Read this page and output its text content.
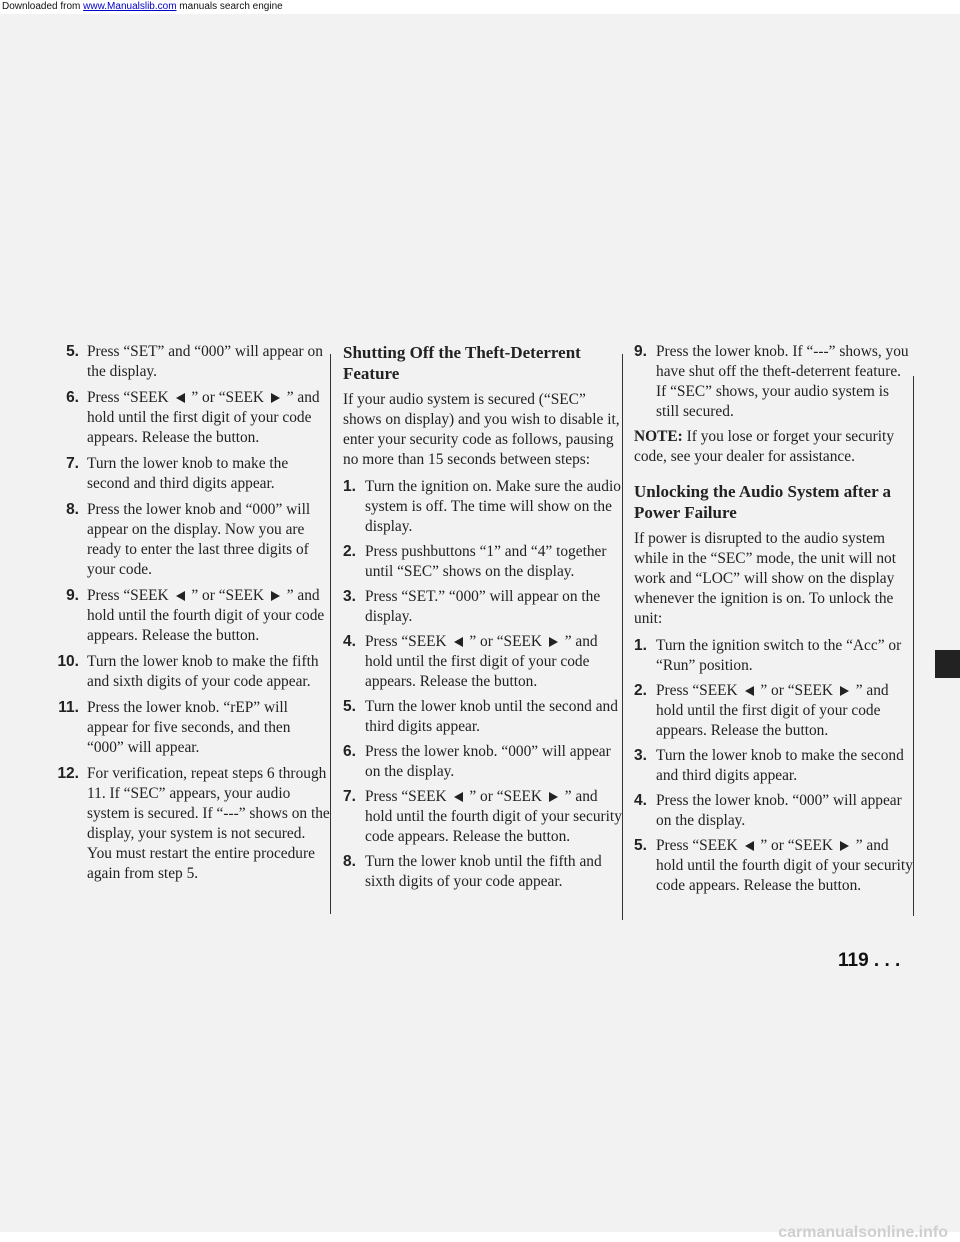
Downloaded from www.Manualslib.com manuals search engine
119 . . .
5. Press “SET” and “000” will appear on the display.
6. Press “SEEK  ” or “SEEK  ” and hold until the first digit of your code appears. Release the button.
7. Turn the lower knob to make the second and third digits appear.
8. Press the lower knob and “000” will appear on the display. Now you are ready to enter the last three digits of your code.
9. Press “SEEK  ” or “SEEK  ” and hold until the fourth digit of your code appears. Release the button.
10. Turn the lower knob to make the fifth and sixth digits of your code appear.
11. Press the lower knob. “rEP” will appear for five seconds, and then “000” will appear.
12. For verification, repeat steps 6 through 11. If “SEC” appears, your audio system is secured. If “---” shows on the display, your system is not secured. You must restart the entire procedure again from step 5.
Shutting Off the Theft-Deterrent Feature
If your audio system is secured (“SEC” shows on display) and you wish to disable it, enter your security code as follows, pausing no more than 15 seconds between steps:
1. Turn the ignition on. Make sure the audio system is off. The time will show on the display.
2. Press pushbuttons “1” and “4” together until “SEC” shows on the display.
3. Press “SET.” “000” will appear on the display.
4. Press “SEEK  ” or “SEEK  ” and hold until the first digit of your code appears. Release the button.
5. Turn the lower knob until the second and third digits appear.
6. Press the lower knob. “000” will appear on the display.
7. Press “SEEK  ” or “SEEK  ” and hold until the fourth digit of your security code appears. Release the button.
8. Turn the lower knob until the fifth and sixth digits of your code appear.
9. Press the lower knob. If “---” shows, you have shut off the theft-deterrent feature. If “SEC” shows, your audio system is still secured.
NOTE: If you lose or forget your security code, see your dealer for assistance.
Unlocking the Audio System after a Power Failure
If power is disrupted to the audio system while in the “SEC” mode, the unit will not work and “LOC” will show on the display whenever the ignition is on. To unlock the unit:
1. Turn the ignition switch to the “Acc” or “Run” position.
2. Press “SEEK  ” or “SEEK  ” and hold until the first digit of your code appears. Release the button.
3. Turn the lower knob to make the second and third digits appear.
4. Press the lower knob. “000” will appear on the display.
5. Press “SEEK  ” or “SEEK  ” and hold until the fourth digit of your security code appears. Release the button.
carmanualsonline.info
